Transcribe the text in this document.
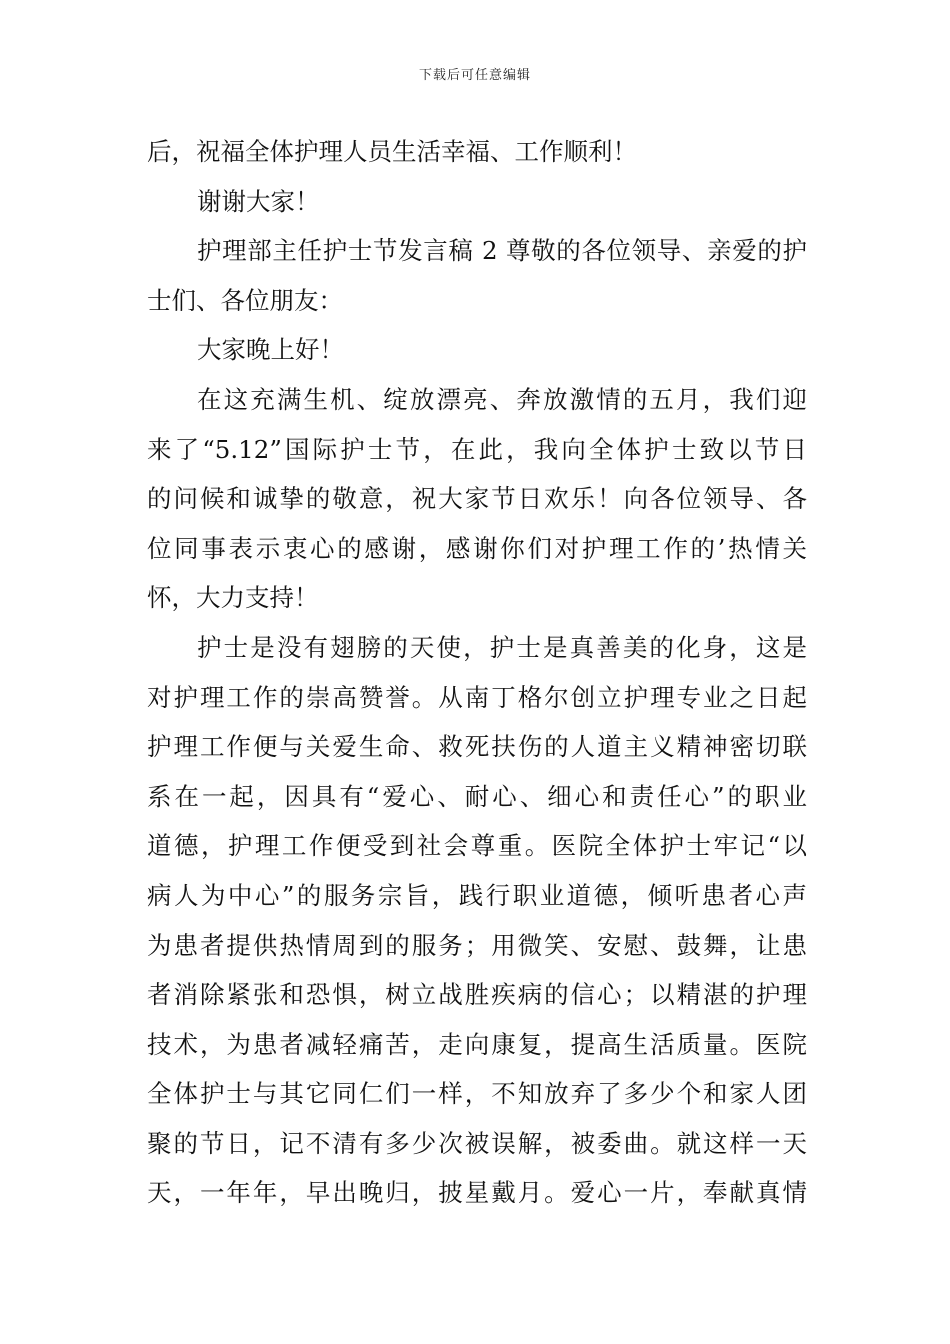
下载后可任意编辑
后，祝福全体护理人员生活幸福、工作顺利！
谢谢大家！
护理部主任护士节发言稿 2 尊敬的各位领导、亲爱的护
士们、各位朋友：
大家晚上好！
在这充满生机、绽放漂亮、奔放激情的五月，我们迎
来了“5.12”国际护士节，在此，我向全体护士致以节日
的问候和诚挚的敬意，祝大家节日欢乐！向各位领导、各
位同事表示衷心的感谢，感谢你们对护理工作的’热情关
怀，大力支持！
护士是没有翅膀的天使，护士是真善美的化身，这是
对护理工作的崇高赞誉。从南丁格尔创立护理专业之日起
护理工作便与关爱生命、救死扶伤的人道主义精神密切联
系在一起，因具有“爱心、耐心、细心和责任心”的职业
道德，护理工作便受到社会尊重。医院全体护士牢记“以
病人为中心”的服务宗旨，践行职业道德，倾听患者心声
为患者提供热情周到的服务；用微笑、安慰、鼓舞，让患
者消除紧张和恐惧，树立战胜疾病的信心；以精湛的护理
技术，为患者减轻痛苦，走向康复，提高生活质量。医院
全体护士与其它同仁们一样，不知放弃了多少个和家人团
聚的节日，记不清有多少次被误解，被委曲。就这样一天
天，一年年，早出晚归，披星戴月。爱心一片，奉献真情
